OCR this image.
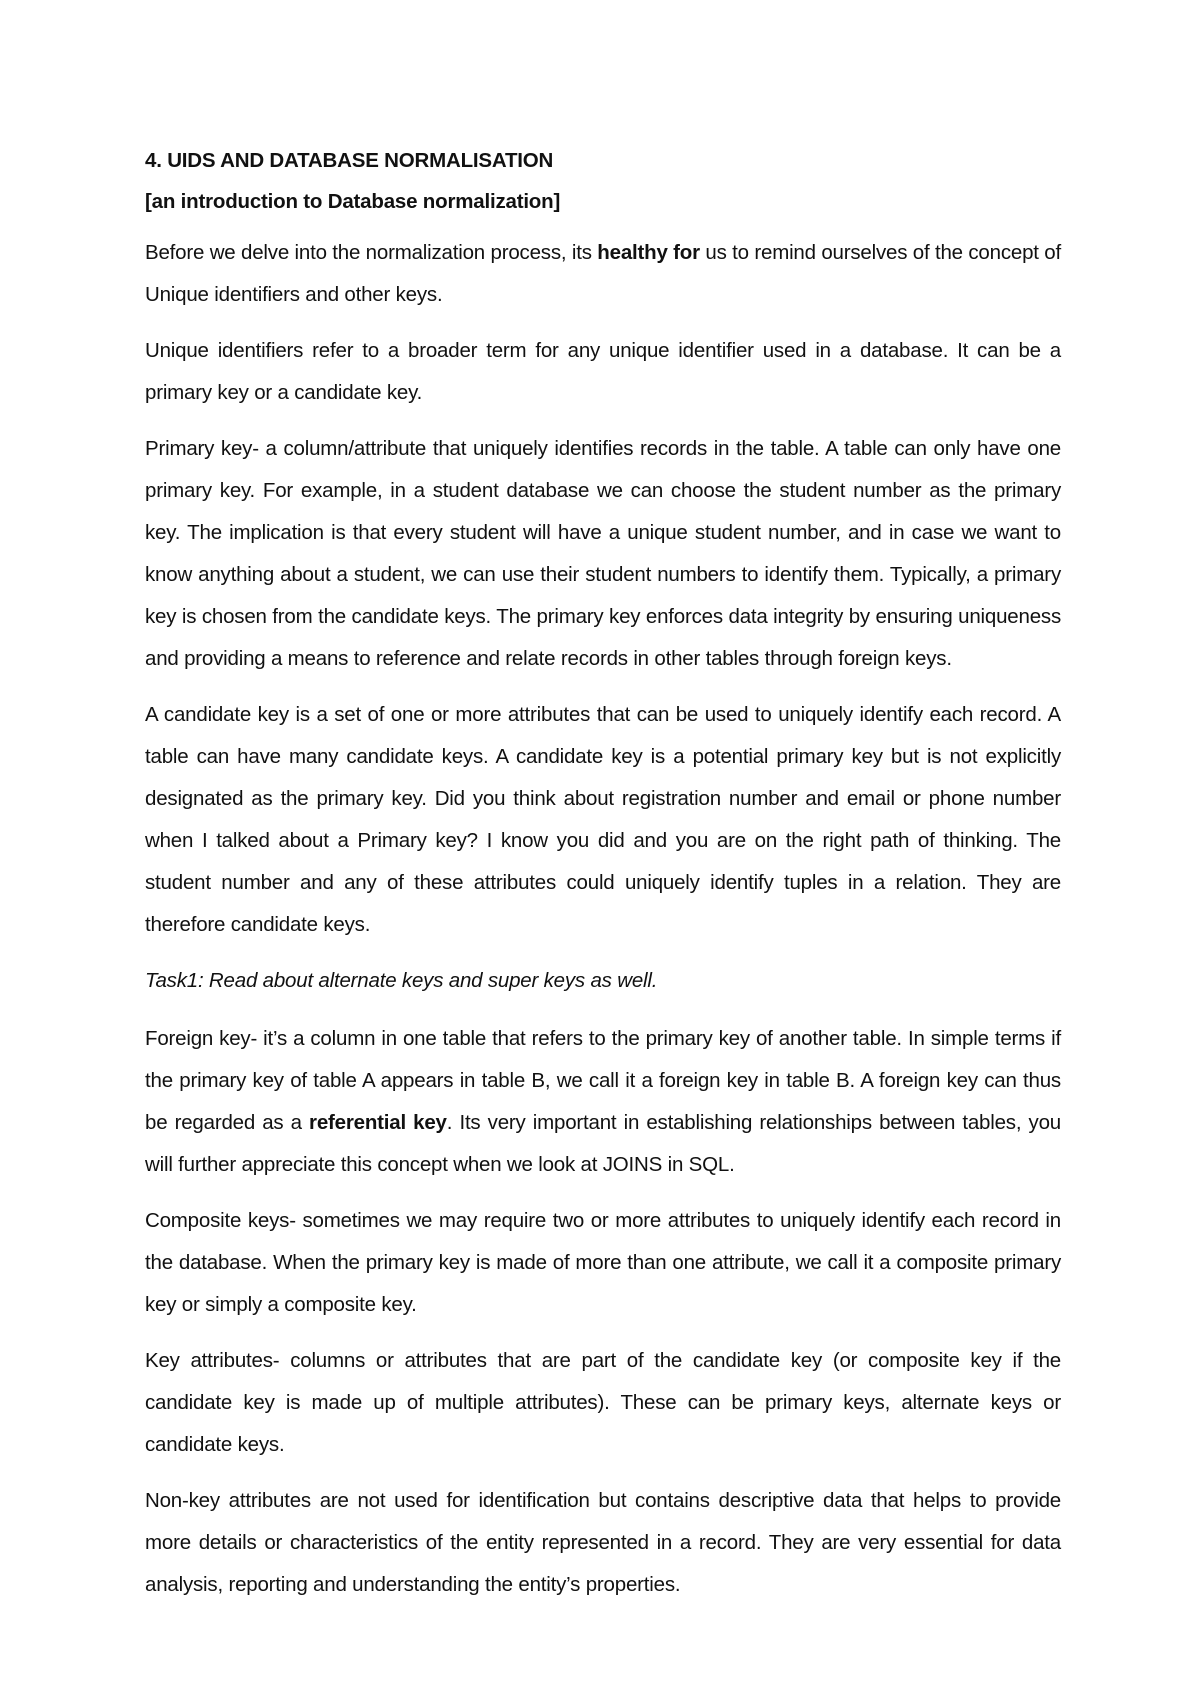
4. UIDS AND DATABASE NORMALISATION
[an introduction to Database normalization]

Before we delve into the normalization process, its healthy for us to remind ourselves of the concept of Unique identifiers and other keys.

Unique identifiers refer to a broader term for any unique identifier used in a database. It can be a primary key or a candidate key.

Primary key- a column/attribute that uniquely identifies records in the table. A table can only have one primary key. For example, in a student database we can choose the student number as the primary key. The implication is that every student will have a unique student number, and in case we want to know anything about a student, we can use their student numbers to identify them. Typically, a primary key is chosen from the candidate keys. The primary key enforces data integrity by ensuring uniqueness and providing a means to reference and relate records in other tables through foreign keys.

A candidate key is a set of one or more attributes that can be used to uniquely identify each record. A table can have many candidate keys. A candidate key is a potential primary key but is not explicitly designated as the primary key. Did you think about registration number and email or phone number when I talked about a Primary key? I know you did and you are on the right path of thinking. The student number and any of these attributes could uniquely identify tuples in a relation. They are therefore candidate keys.

Task1: Read about alternate keys and super keys as well.

Foreign key- it’s a column in one table that refers to the primary key of another table. In simple terms if the primary key of table A appears in table B, we call it a foreign key in table B. A foreign key can thus be regarded as a referential key. Its very important in establishing relationships between tables, you will further appreciate this concept when we look at JOINS in SQL.

Composite keys- sometimes we may require two or more attributes to uniquely identify each record in the database. When the primary key is made of more than one attribute, we call it a composite primary key or simply a composite key.

Key attributes- columns or attributes that are part of the candidate key (or composite key if the candidate key is made up of multiple attributes). These can be primary keys, alternate keys or candidate keys.

Non-key attributes are not used for identification but contains descriptive data that helps to provide more details or characteristics of the entity represented in a record. They are very essential for data analysis, reporting and understanding the entity’s properties.
